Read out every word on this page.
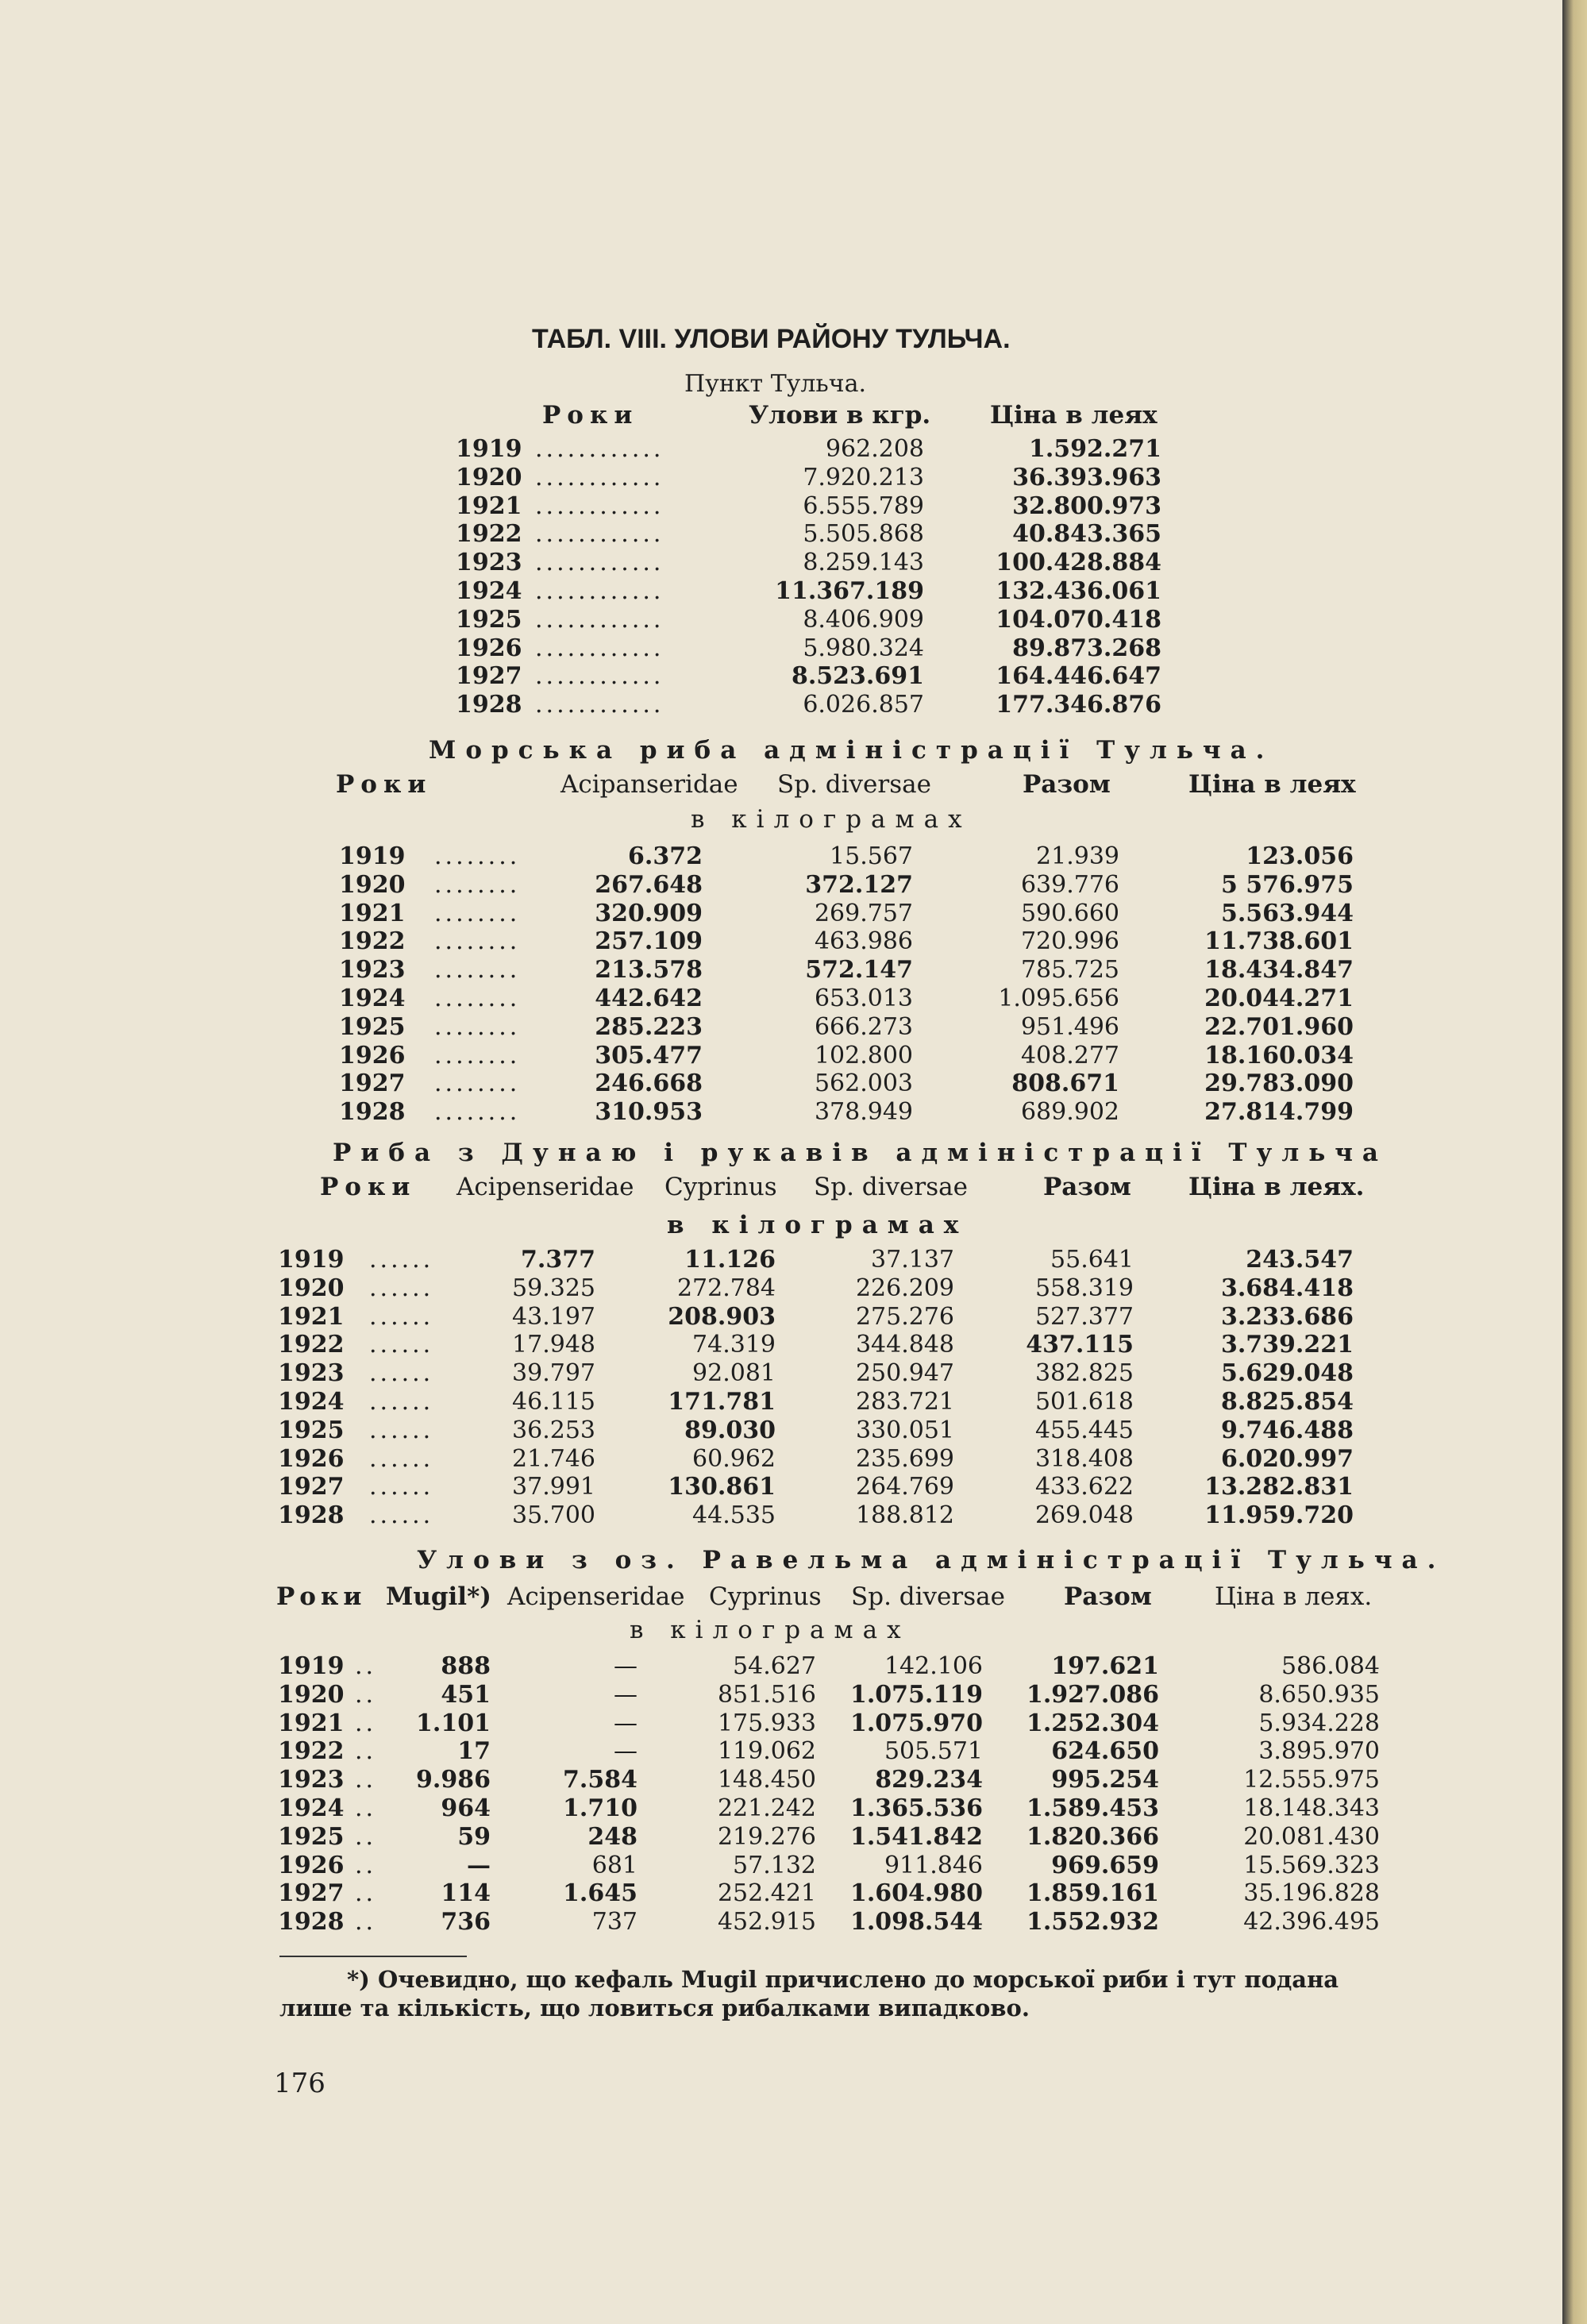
ТАБЛ. VIII. УЛОВИ РАЙОНУ ТУЛЬЧА.
Пункт Тульча.
Роки	Улови в кгр. Ціна в леях
1919 ............	962.208	1.592.271
1920 ............	7.920.213	36.393.963
1921 ............	6.555.789	32.800.973
1922 ............	5.505.868	40.843.365
1923 ............	8.259.143	100.428.884
1924 ............	11.367.189	132.436.061
1925 ............	8.406.909	104.070.418
1926 ............	5.980.324	89.873.268
1927 ............	8.523.691	164.446.647
1928 ............	6.026.857	177.346.876
Морська риба адміністрації Тульча.
Роки	Acipanseridae Sp. diversae	Разом	Ціна в леях
в кілограмах
1919 ........	6.372	15.567	21.939	123.056
1920 ........	267.648	372.127	639.776	5 576.975
1921 ........	320.909	269.757	590.660	5.563.944
1922 ........	257.109	463.986	720.996	11.738.601
1923 ........	213.578	572.147	785.725	18.434.847
1924 ........	442.642	653.013	1.095.656	20.044.271
1925 ........	285.223	666.273	951.496	22.701.960
1926 ........	305.477	102.800	408.277	18.160.034
1927 ........	246.668	562.003	808.671	29.783.090
1928 ........	310.953	378.949	689.902	27.814.799
Риба з Дунаю і рукавів адміністрації Тульча
Роки Acipenseridae Cyprinus Sp. diversae	Разом Ціна в леях.
в кілограмах
1919 ......	7.377	11.126	37.137	55.641	243.547
1920 ......	59.325	272.784	226.209	558.319	3.684.418
1921 ......	43.197	208.903	275.276	527.377	3.233.686
1922 ......	17.948	74.319	344.848	437.115	3.739.221
1923 ......	39.797	92.081	250.947	382.825	5.629.048
1924 ......	46.115	171.781	283.721	501.618	8.825.854
1925 ......	36.253	89.030	330.051	455.445	9.746.488
1926 ......	21.746	60.962	235.699	318.408	6.020.997
1927 ......	37.991	130.861	264.769	433.622	13.282.831
1928 ......	35.700	44.535	188.812	269.048	11.959.720
Улови з оз. Равельма адміністрації Тульча.
Роки Mugil*) Acipenseridae Cyprinus Sp. diversae Разом	Ціна в леях.
в кілограмах
1919 ..	888	—	54.627	142.106	197.621	586.084
1920 ..	451	—	851.516 1.075.119 1.927.086	8.650.935
1921 .. 1.101	—	175.933 1.075.970 1.252.304	5.934.228
1922 ..	17	—	119.062	505.571	624.650	3.895.970
1923 .. 9.986	7.584	148.450 829.234	995.254	12.555.975
1924 ..	964	1.710	221.242 1.365.536 1.589.453	18.148.343
1925 ..	59	248	219.276 1.541.842 1.820.366	20.081.430
1926 ..	—	681	57.132	911.846	969.659	15.569.323
1927 ..	114	1.645	252.421 1.604.980 1.859.161	35.196.828
1928 ..	736	737	452.915 1.098.544 1.552.932	42.396.495
*) Очевидно, що кефаль Mugil причислено до морської риби і тут подана лише та кількість, що ловиться рибалками випадково.
176
